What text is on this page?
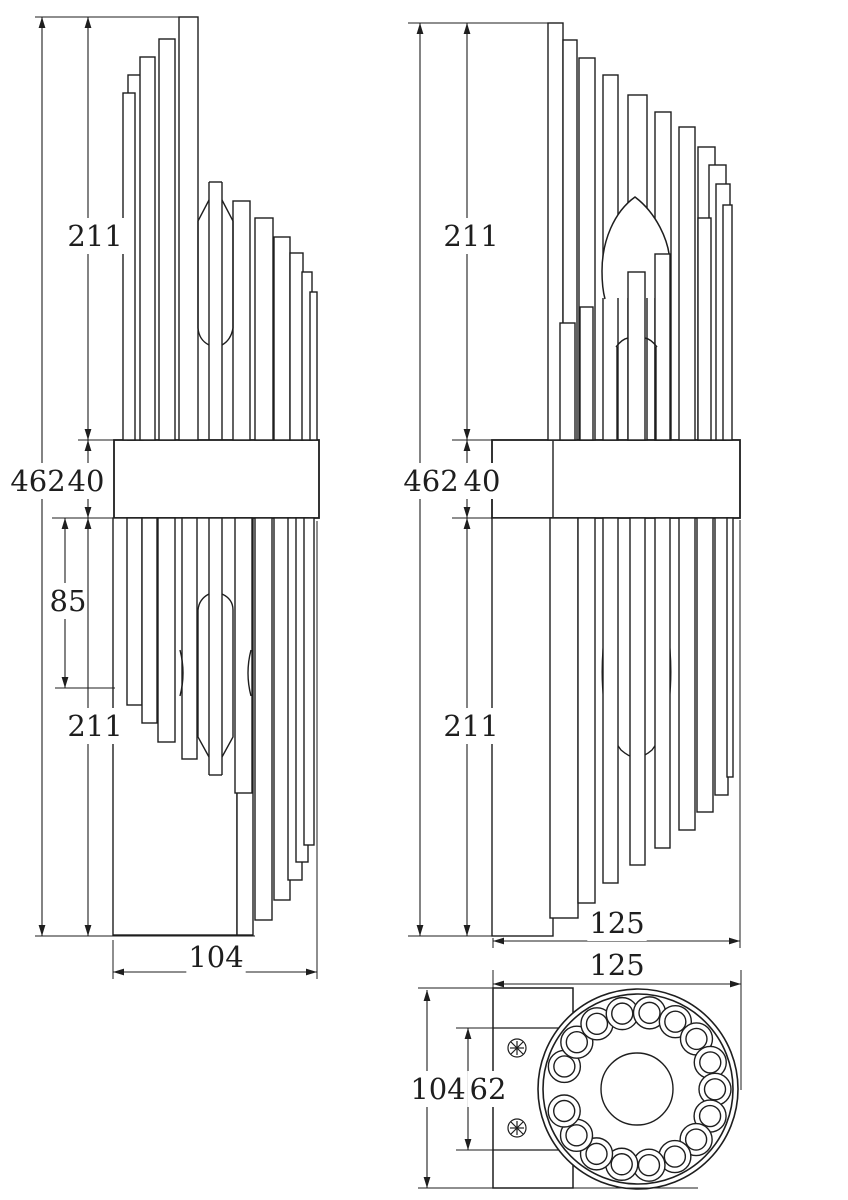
462
211
40
85
211
104
462
211
40
211
125
125
104 62
